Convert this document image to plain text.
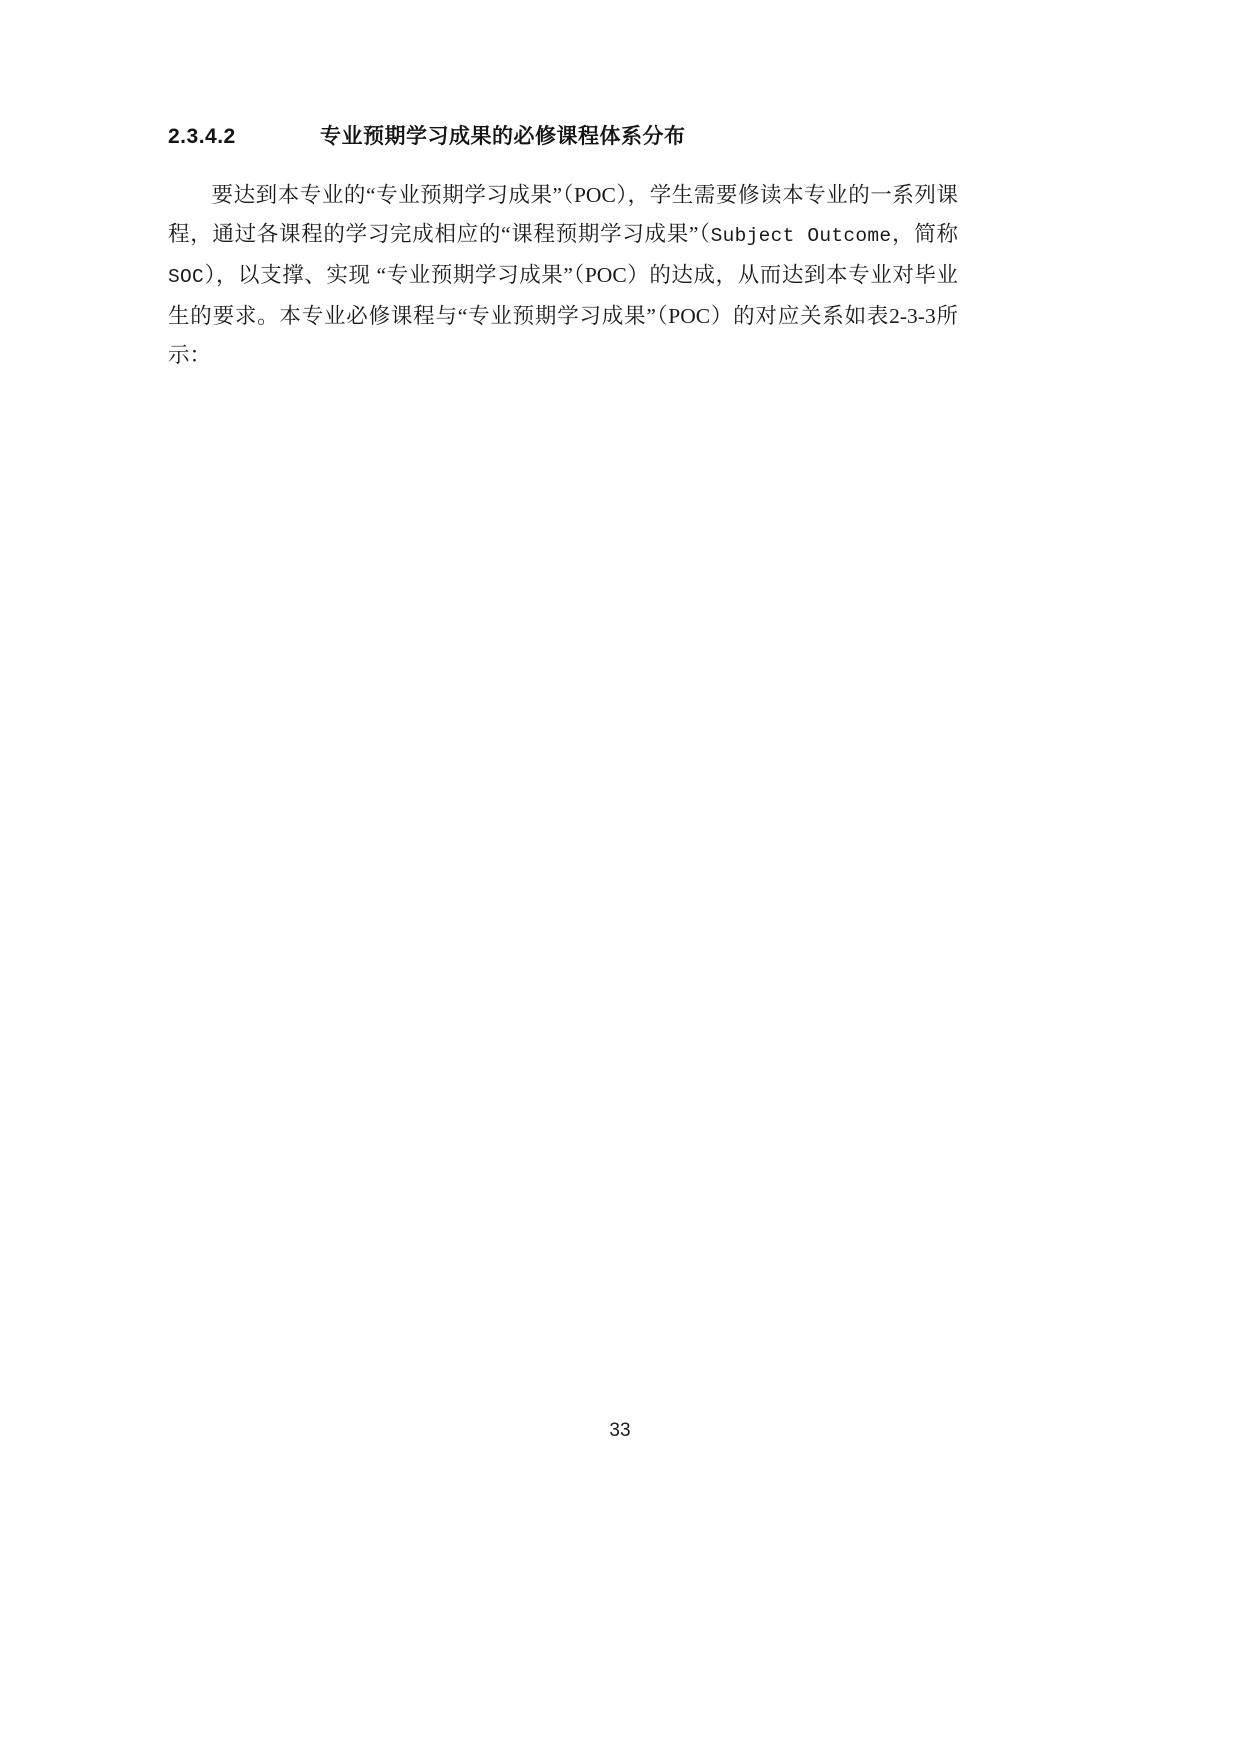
2.3.4.2			专业预期学习成果的必修课程体系分布

要达到本专业的“专业预期学习成果”（POC），学生需要修读本专业的一系列课程，通过各课程的学习完成相应的“课程预期学习成果”（Subject Outcome，简称SOC），以支撑、实现 “专业预期学习成果”（POC）的达成，从而达到本专业对毕业生的要求。本专业必修课程与“专业预期学习成果”（POC）的对应关系如表2-3-3所示：

33
